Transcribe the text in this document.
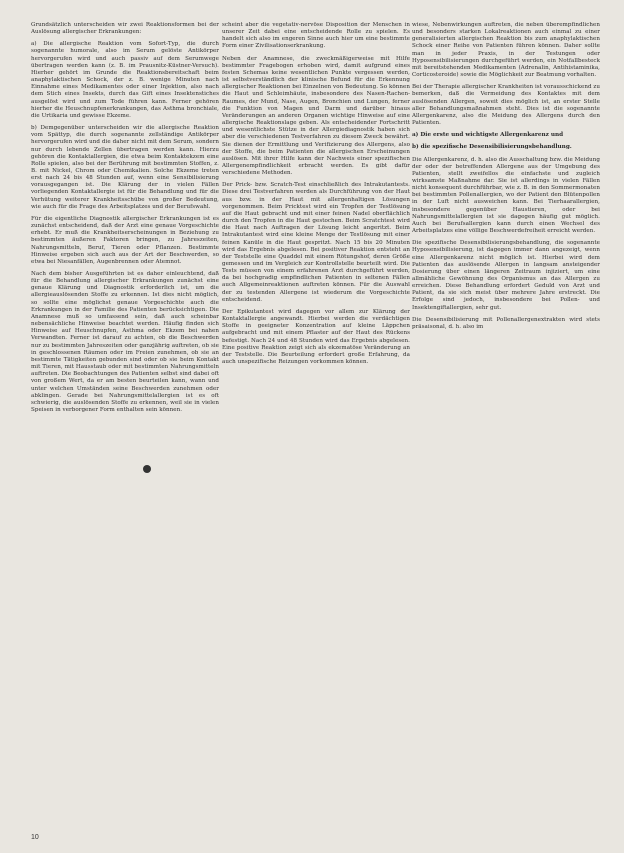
Grundsätzlich unterscheiden wir zwei Reaktionsformen bei der Auslösung allergischer Erkrankungen:

a) Die allergische Reaktion vom Sofort-Typ, die durch sogenannte humorale, also im Serum gelöste Antikörper hervorgerufen wird und auch passiv auf dem Serumwege übertragen werden kann (z. B. im Prausnitz-Küstner-Versuch). Hierher gehört im Grunde die Reaktionsbereitschaft beim anaphylaktischen Schock, der z. B. wenige Minuten nach Einnahme eines Medikamentes oder einer Injektion, also nach dem Stich eines Insekts, durch das Gift eines Insektenstiches ausgelöst wird und zum Tode führen kann. Ferner gehören hierher die Heuschnupfenerkrankungen, das Asthma bronchiale, die Urtikaria und gewisse Ekzeme.

b) Demgegenüber unterscheiden wir die allergische Reaktion vom Spättyp, die durch sogenannte zellständige Antikörper hervorgerufen wird und die daher nicht mit dem Serum, sondern nur durch lebende Zellen übertragen werden kann. Hierzu gehören die Kontaktallergien, die etwa beim Kontaktekzem eine Rolle spielen, also bei der Berührung mit bestimmten Stoffen, z. B. mit Nickel, Chrom oder Chemikalien. Solche Ekzeme treten erst nach 24 bis 48 Stunden auf, wenn eine Sensibilisierung vorausgegangen ist. Die Klärung der in vielen Fällen vorliegenden Kontaktallergie ist für die Behandlung und für die Verhütung weiterer Krankheitsschübe von großer Bedeutung, wie auch für die Frage des Arbeitsplatzes und der Berufswahl.

Für die eigentliche Diagnostik allergischer Erkrankungen ist es zunächst entscheidend, daß der Arzt eine genaue Vorgeschichte erhebt. Er muß die Krankheitserscheinungen in Beziehung zu bestimmten äußeren Faktoren bringen, zu Jahreszeiten, Nahrungsmitteln, Beruf, Tieren oder Pflanzen. Bestimmte Hinweise ergeben sich auch aus der Art der Beschwerden, so etwa bei Niesanfällen, Augenbrennen oder Atemnot.

Nach dem bisher Ausgeführten ist es daher einleuchtend, daß für die Behandlung allergischer Erkrankungen zunächst eine genaue Klärung und Diagnostik erforderlich ist, um die allergieauslösenden Stoffe zu erkennen. Ist dies nicht möglich, so sollte eine möglichst genaue Vorgeschichte auch die Erkrankungen in der Familie des Patienten berücksichtigen. Die Anamnese muß so umfassend sein, daß auch scheinbar nebensächliche Hinweise beachtet werden. Häufig finden sich Hinweise auf Heuschnupfen, Asthma oder Ekzem bei nahen Verwandten. Ferner ist darauf zu achten, ob die Beschwerden nur zu bestimmten Jahreszeiten oder ganzjährig auftreten, ob sie in geschlossenen Räumen oder im Freien zunehmen, ob sie an bestimmte Tätigkeiten gebunden sind oder ob sie beim Kontakt mit Tieren, mit Hausstaub oder mit bestimmten Nahrungsmitteln auftreten. Die Beobachtungen des Patienten selbst sind dabei oft von großem Wert, da er am besten beurteilen kann, wann und unter welchen Umständen seine Beschwerden zunehmen oder abklingen. Gerade bei Nahrungsmittelallergien ist es oft schwierig, die auslösenden Stoffe zu erkennen, weil sie in vielen Speisen in verborgener Form enthalten sein können.

scheint aber die vegetativ-nervöse Disposition der Menschen in unserer Zeit dabei eine entscheidende Rolle zu spielen. Es handelt sich also im engeren Sinne auch hier um eine bestimmte Form einer Zivilisationserkrankung.

Neben der Anamnese, die zweckmäßigerweise mit Hilfe bestimmter Fragebogen erhoben wird, damit aufgrund eines festen Schemas keine wesentlichen Punkte vergessen werden, ist selbstverständlich der klinische Befund für die Erkennung allergischer Reaktionen bei Einzelnen von Bedeutung. So können die Haut und Schleimhäute, insbesondere des Nasen-Rachen-Raumes, der Mund, Nase, Augen, Bronchien und Lungen, ferner die Funktion von Magen und Darm und darüber hinaus Veränderungen an anderen Organen wichtige Hinweise auf eine allergische Reaktionslage geben. Als entscheidender Fortschritt und wesentlichste Stütze in der Allergiediagnostik haben sich aber die verschiedenen Testverfahren zu diesem Zweck bewährt. Sie dienen der Ermittlung und Verifizierung des Allergens, also der Stoffe, die beim Patienten die allergischen Erscheinungen auslösen. Mit ihrer Hilfe kann der Nachweis einer spezifischen Allergenempfindlichkeit erbracht werden. Es gibt dafür verschiedene Methoden.

Der Prick- bzw. Scratch-Test einschließlich des Intrakutantests. Diese drei Testverfahren werden als Durchführung von der Haut aus bzw. in der Haut mit allergenhaltigen Lösungen vorgenommen. Beim Pricktest wird ein Tropfen der Testlösung auf die Haut gebracht und mit einer feinen Nadel oberflächlich durch den Tropfen in die Haut gestochen. Beim Scratchtest wird die Haut nach Auftragen der Lösung leicht angeritzt. Beim Intrakutantest wird eine kleine Menge der Testlösung mit einer feinen Kanüle in die Haut gespritzt. Nach 15 bis 20 Minuten wird das Ergebnis abgelesen. Bei positiver Reaktion entsteht an der Teststelle eine Quaddel mit einem Rötungshof, deren Größe gemessen und im Vergleich zur Kontrollstelle beurteilt wird. Die Tests müssen von einem erfahrenen Arzt durchgeführt werden, da bei hochgradig empfindlichen Patienten in seltenen Fällen auch Allgemeinreaktionen auftreten können. Für die Auswahl der zu testenden Allergene ist wiederum die Vorgeschichte entscheidend.

Der Epikutantest wird dagegen vor allem zur Klärung der Kontaktallergie angewandt. Hierbei werden die verdächtigen Stoffe in geeigneter Konzentration auf kleine Läppchen aufgebracht und mit einem Pflaster auf der Haut des Rückens befestigt. Nach 24 und 48 Stunden wird das Ergebnis abgelesen. Eine positive Reaktion zeigt sich als ekzematöse Veränderung an der Teststelle. Die Beurteilung erfordert große Erfahrung, da auch unspezifische Reizungen vorkommen können.

wiese, Nebenwirkungen auftreten, die neben überempfindlichen und besonders starken Lokalreaktionen auch einmal zu einer generalisierten allergischen Reaktion bis zum anaphylaktischen Schock einer Reihe von Patienten führen können. Daher sollte man in jeder Praxis, in der Testungen oder Hyposensibilisierungen durchgeführt werden, ein Notfallbesteck mit bereitstehenden Medikamenten (Adrenalin, Antihistaminika, Corticosteroide) sowie die Möglichkeit zur Beatmung vorhalten.

Bei der Therapie allergischer Krankheiten ist vorausschickend zu bemerken, daß die Vermeidung des Kontaktes mit dem auslösenden Allergen, soweit dies möglich ist, an erster Stelle aller Behandlungsmaßnahmen steht. Dies ist die sogenannte Allergenkarenz, also die Meidung des Allergens durch den Patienten.

a) Die erste und wichtigste Allergenkarenz und
b) die spezifische Desensibilisierungsbehandlung.

Die Allergenkarenz, d. h. also die Ausschaltung bzw. die Meidung der oder der betreffenden Allergene aus der Umgebung des Patienten, stellt zweifellos die einfachste und zugleich wirksamste Maßnahme dar. Sie ist allerdings in vielen Fällen nicht konsequent durchführbar, wie z. B. in den Sommermonaten bei bestimmten Pollenallergien, wo der Patient den Blütenpollen in der Luft nicht ausweichen kann. Bei Tierhaarallergien, insbesondere gegenüber Haustieren, oder bei Nahrungsmittelallergien ist sie dagegen häufig gut möglich. Auch bei Berufsallergien kann durch einen Wechsel des Arbeitsplatzes eine völlige Beschwerdefreiheit erreicht werden.

Die spezifische Desensibilisierungsbehandlung, die sogenannte Hyposensibilisierung, ist dagegen immer dann angezeigt, wenn eine Allergenkarenz nicht möglich ist. Hierbei wird dem Patienten das auslösende Allergen in langsam ansteigender Dosierung über einen längeren Zeitraum injiziert, um eine allmähliche Gewöhnung des Organismus an das Allergen zu erreichen. Diese Behandlung erfordert Geduld von Arzt und Patient, da sie sich meist über mehrere Jahre erstreckt. Die Erfolge sind jedoch, insbesondere bei Pollen- und Insektengiftallergien, sehr gut.

Die Desensibilisierung mit Pollenallergenextrakten wird stets präsaisonal, d. h. also im

10
